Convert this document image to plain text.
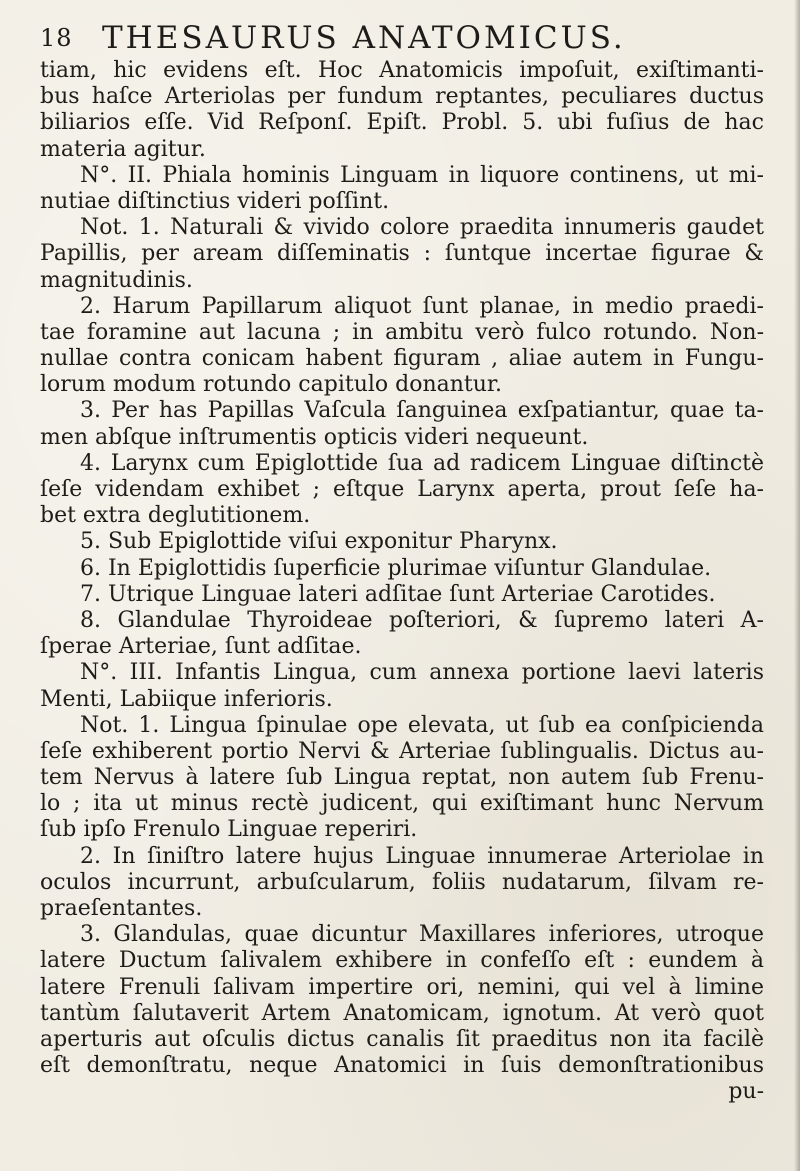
18 THESAURUS ANATOMICUS.
tiam, hic evidens eſt. Hoc Anatomicis impoſuit, exiſtimanti-
bus haſce Arteriolas per fundum reptantes, peculiares ductus
biliarios eſſe. Vid Reſponſ. Epiſt. Probl. 5. ubi fuſius de hac
materia agitur.
N°. II. Phiala hominis Linguam in liquore continens, ut mi-
nutiae diſtinctius videri poſſint.
Not. 1. Naturali & vivido colore praedita innumeris gaudet
Papillis, per aream diſſeminatis : ſuntque incertae figurae &
magnitudinis.
2. Harum Papillarum aliquot ſunt planae, in medio praedi-
tae foramine aut lacuna ; in ambitu verò fulco rotundo. Non-
nullae contra conicam habent figuram , aliae autem in Fungu-
lorum modum rotundo capitulo donantur.
3. Per has Papillas Vaſcula ſanguinea exſpatiantur, quae ta-
men abſque inſtrumentis opticis videri nequeunt.
4. Larynx cum Epiglottide ſua ad radicem Linguae diſtinctè
ſeſe videndam exhibet ; eſtque Larynx aperta, prout ſeſe ha-
bet extra deglutitionem.
5. Sub Epiglottide viſui exponitur Pharynx.
6. In Epiglottidis ſuperficie plurimae viſuntur Glandulae.
7. Utrique Linguae lateri adſitae ſunt Arteriae Carotides.
8. Glandulae Thyroideae poſteriori, & ſupremo lateri A-
ſperae Arteriae, ſunt adſitae.
N°. III. Infantis Lingua, cum annexa portione laevi lateris
Menti, Labiique inferioris.
Not. 1. Lingua ſpinulae ope elevata, ut ſub ea conſpicienda
ſeſe exhiberent portio Nervi & Arteriae ſublingualis. Dictus au-
tem Nervus à latere ſub Lingua reptat, non autem ſub Frenu-
lo ; ita ut minus rectè judicent, qui exiſtimant hunc Nervum
ſub ipſo Frenulo Linguae reperiri.
2. In ſiniſtro latere hujus Linguae innumerae Arteriolae in
oculos incurrunt, arbuſcularum, foliis nudatarum, ſilvam re-
praeſentantes.
3. Glandulas, quae dicuntur Maxillares inferiores, utroque
latere Ductum ſalivalem exhibere in confeſſo eſt : eundem à
latere Frenuli ſalivam impertire ori, nemini, qui vel à limine
tantùm ſalutaverit Artem Anatomicam, ignotum. At verò quot
aperturis aut oſculis dictus canalis ſit praeditus non ita facilè
eſt demonſtratu, neque Anatomici in ſuis demonſtrationibus
pu-
